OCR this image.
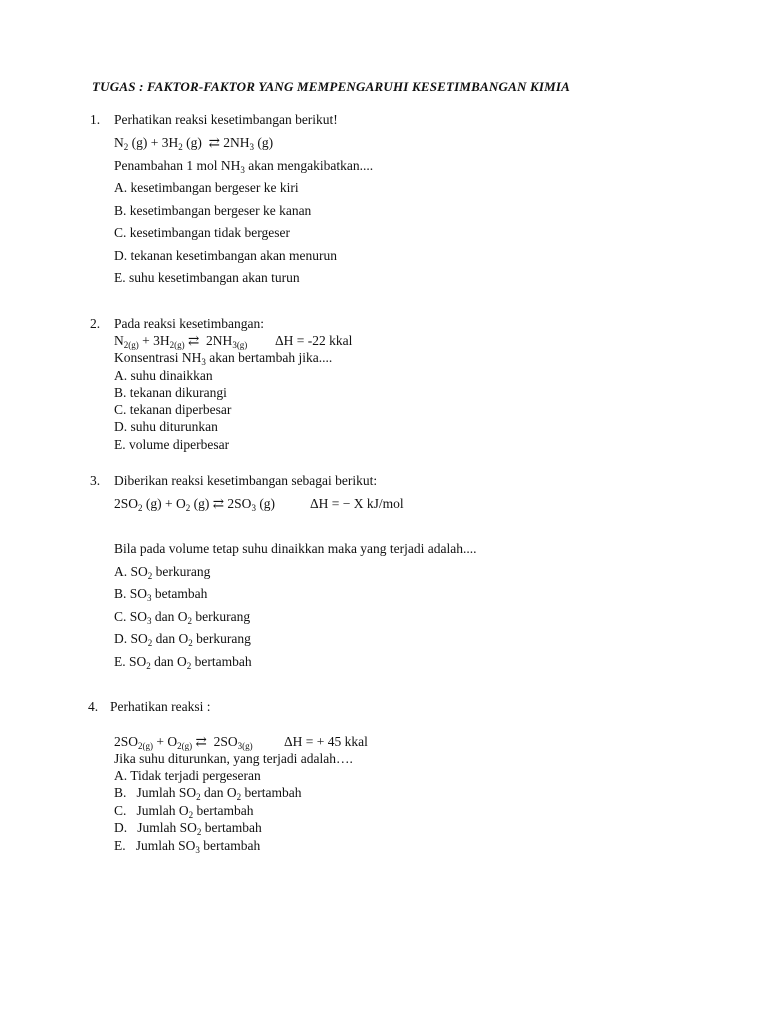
TUGAS : FAKTOR-FAKTOR YANG MEMPENGARUHI KESETIMBANGAN KIMIA
1. Perhatikan reaksi kesetimbangan berikut!
$N_2$ $(g) + 3H_2$ (g)  ⇄ $2NH_3$ (g)
Penambahan 1 mol $NH_3$ akan mengakibatkan....
A. kesetimbangan bergeser ke kiri
B. kesetimbangan bergeser ke kanan
C. kesetimbangan tidak bergeser
D. tekanan kesetimbangan akan menurun
E. suhu kesetimbangan akan turun
2. Pada reaksi kesetimbangan:
$N_{2(g)} + 3H_{2(g)}$ ⇄  $2NH_{3(g)}$ ΔH = -22 kkal
Konsentrasi $NH_3$ akan bertambah jika....
A. suhu dinaikkan
B. tekanan dikurangi
C. tekanan diperbesar
D. suhu diturunkan
E. volume diperbesar
3. Diberikan reaksi kesetimbangan sebagai berikut:
$2SO_2$ $(g) + O_2$ (g) ⇄ $2SO_3$ (g)	ΔH = − X kJ/mol
Bila pada volume tetap suhu dinaikkan maka yang terjadi adalah....
A. $SO_2$ berkurang
B. $SO_3$ betambah
C. $SO_3$ dan $O_2$ berkurang
D. $SO_2$ dan $O_2$ berkurang
E. $SO_2$ dan $O_2$ bertambah
4. Perhatikan reaksi :
$2SO_{2(g)} + O_{2(g)}$ ⇄  $2SO_{3(g)}$ ΔH = + 45 kkal
Jika suhu diturunkan, yang terjadi adalah….
A. Tidak terjadi pergeseran
B.   Jumlah $SO_2$ dan $O_2$ bertambah
C.   Jumlah $O_2$ bertambah
D.   Jumlah $SO_2$ bertambah
E.   Jumlah $SO_3$ bertambah
